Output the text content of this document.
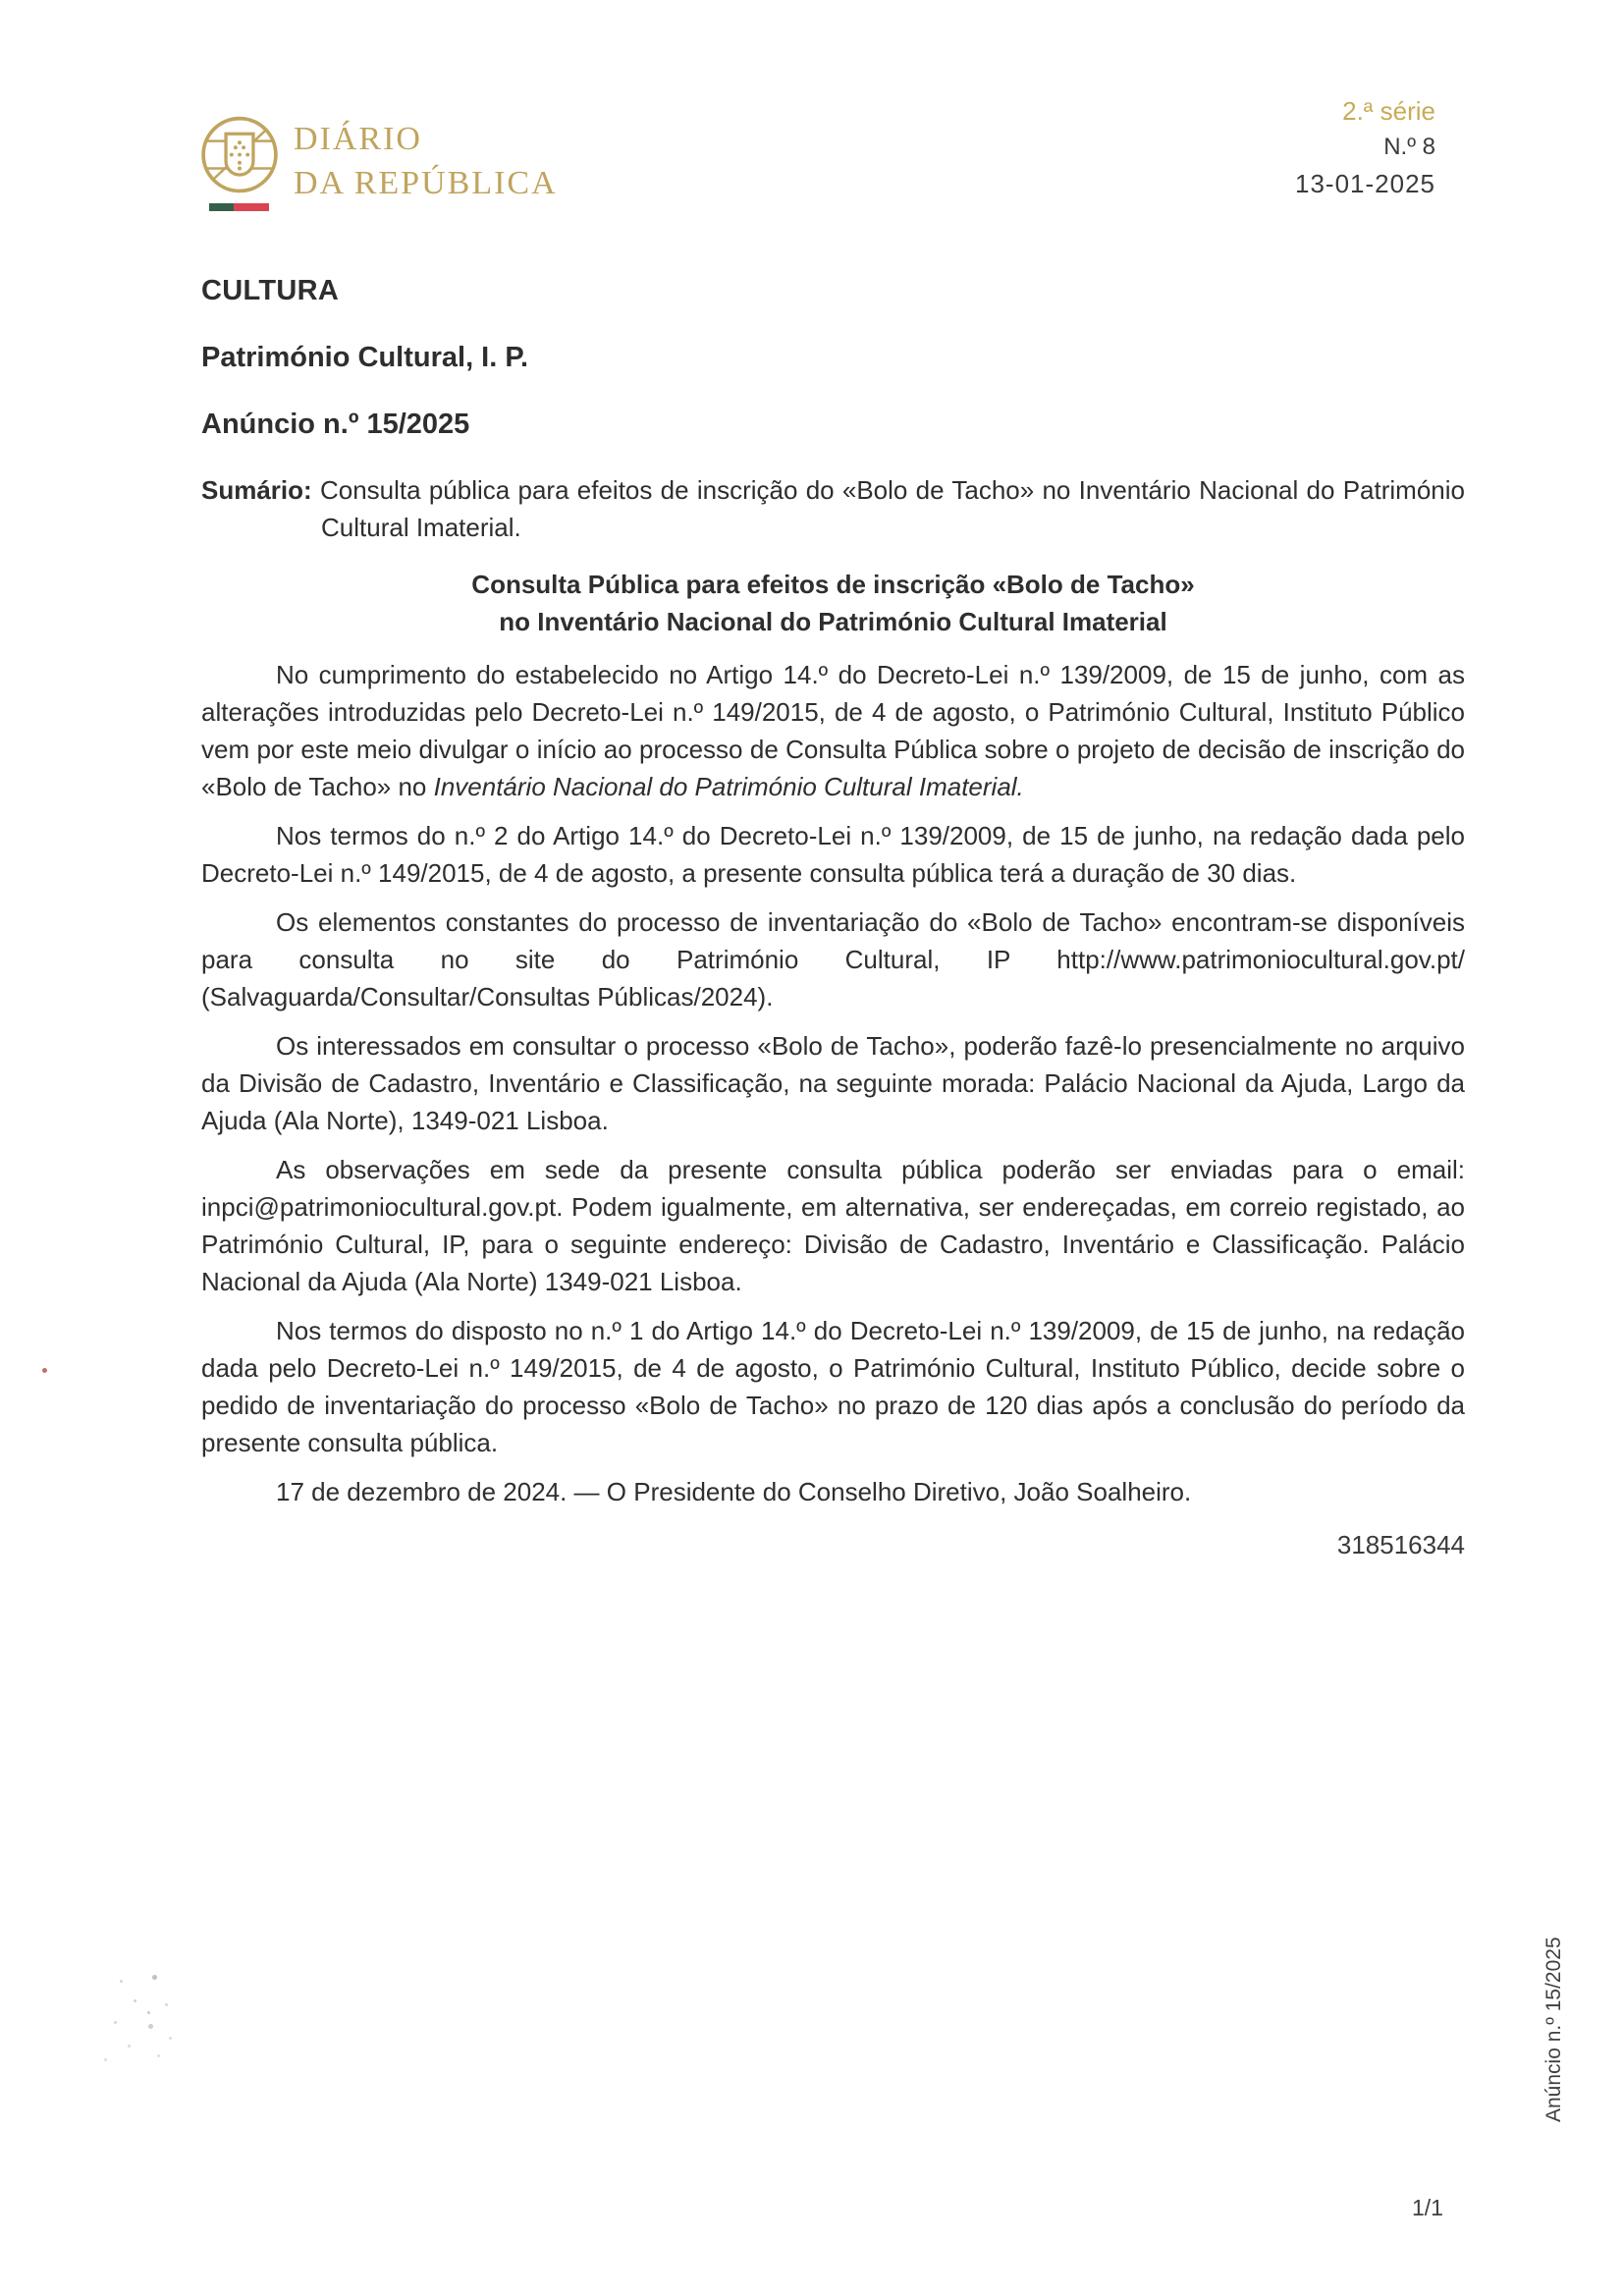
DIÁRIO
DA REPÚBLICA
2.ª série
N.º 8
13-01-2025
CULTURA
Património Cultural, I. P.
Anúncio n.º 15/2025
Sumário: Consulta pública para efeitos de inscrição do «Bolo de Tacho» no Inventário Nacional do Património Cultural Imaterial.
Consulta Pública para efeitos de inscrição «Bolo de Tacho»
no Inventário Nacional do Património Cultural Imaterial

No cumprimento do estabelecido no Artigo 14.º do Decreto-Lei n.º 139/2009, de 15 de junho, com as alterações introduzidas pelo Decreto-Lei n.º 149/2015, de 4 de agosto, o Património Cultural, Instituto Público vem por este meio divulgar o início ao processo de Consulta Pública sobre o projeto de decisão de inscrição do «Bolo de Tacho» no Inventário Nacional do Património Cultural Imaterial.

Nos termos do n.º 2 do Artigo 14.º do Decreto-Lei n.º 139/2009, de 15 de junho, na redação dada pelo Decreto-Lei n.º 149/2015, de 4 de agosto, a presente consulta pública terá a duração de 30 dias.

Os elementos constantes do processo de inventariação do «Bolo de Tacho» encontram-se disponíveis para consulta no site do Património Cultural, IP http://www.patrimoniocultural.gov.pt/ (Salvaguarda/Consultar/Consultas Públicas/2024).

Os interessados em consultar o processo «Bolo de Tacho», poderão fazê-lo presencialmente no arquivo da Divisão de Cadastro, Inventário e Classificação, na seguinte morada: Palácio Nacional da Ajuda, Largo da Ajuda (Ala Norte), 1349-021 Lisboa.

As observações em sede da presente consulta pública poderão ser enviadas para o email: inpci@patrimoniocultural.gov.pt. Podem igualmente, em alternativa, ser endereçadas, em correio registado, ao Património Cultural, IP, para o seguinte endereço: Divisão de Cadastro, Inventário e Classificação. Palácio Nacional da Ajuda (Ala Norte) 1349-021 Lisboa.

Nos termos do disposto no n.º 1 do Artigo 14.º do Decreto-Lei n.º 139/2009, de 15 de junho, na redação dada pelo Decreto-Lei n.º 149/2015, de 4 de agosto, o Património Cultural, Instituto Público, decide sobre o pedido de inventariação do processo «Bolo de Tacho» no prazo de 120 dias após a conclusão do período da presente consulta pública.

17 de dezembro de 2024. — O Presidente do Conselho Diretivo, João Soalheiro.
318516344
Anúncio n.º 15/2025
1/1
